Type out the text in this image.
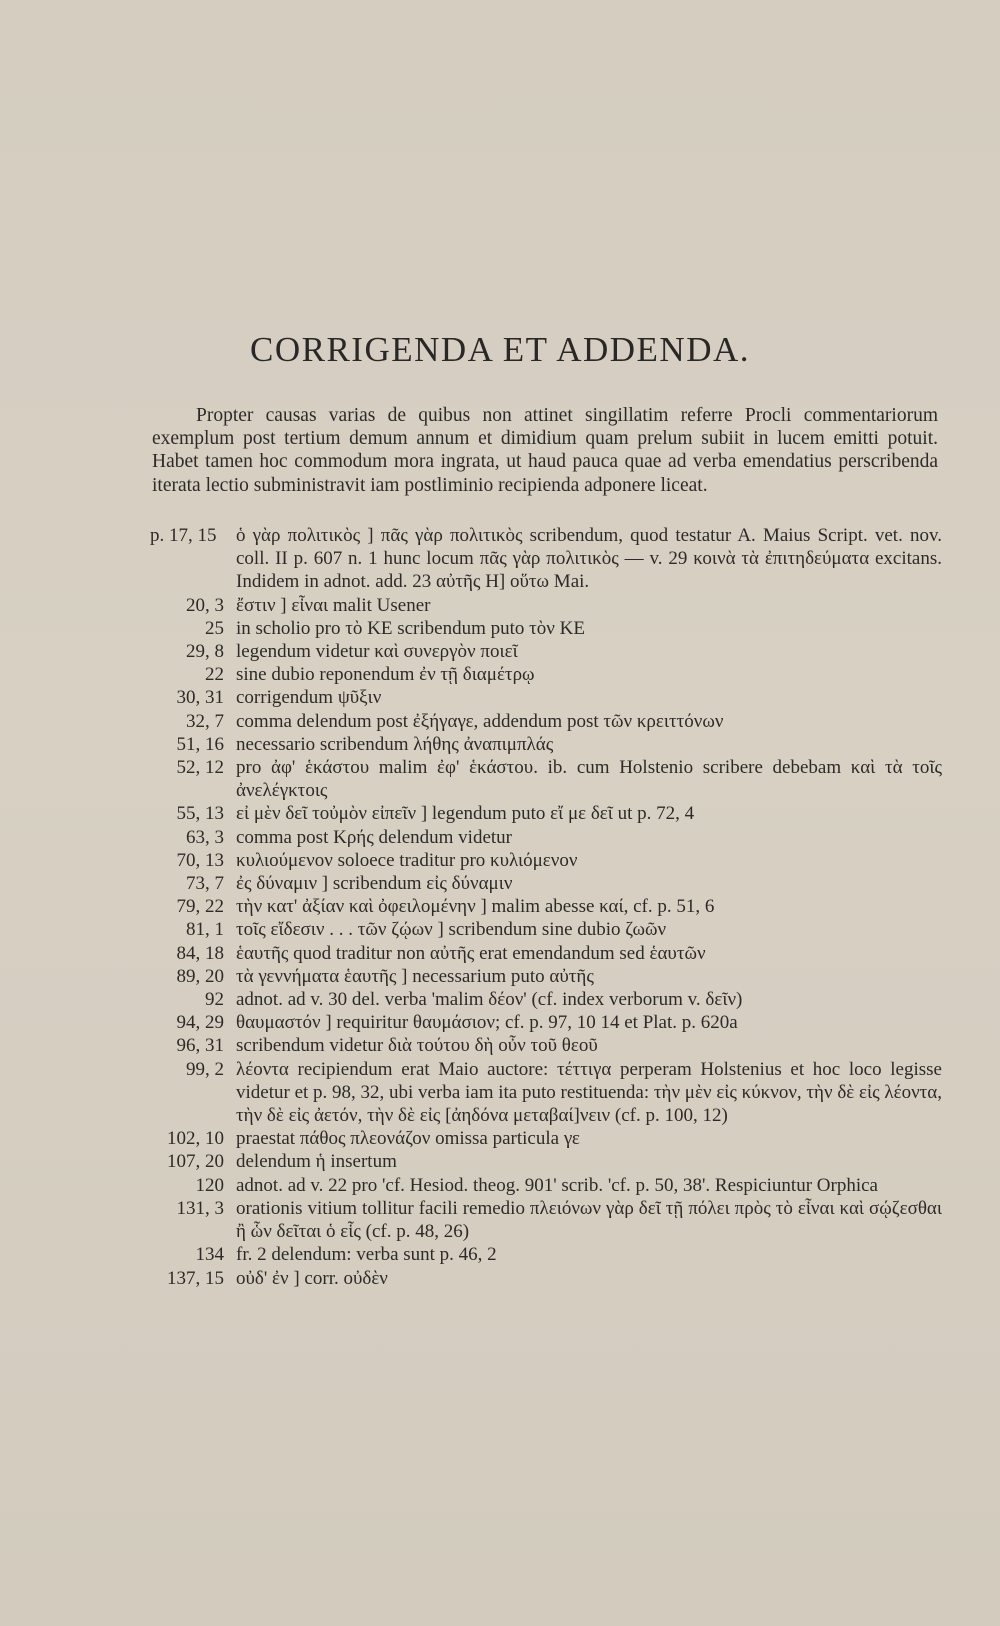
CORRIGENDA ET ADDENDA.
Propter causas varias de quibus non attinet singillatim referre Procli commentariorum exemplum post tertium demum annum et dimidium quam prelum subiit in lucem emitti potuit. Habet tamen hoc commodum mora ingrata, ut haud pauca quae ad verba emendatius perscribenda iterata lectio subministravit iam postliminio recipienda adponere liceat.
p. 17, 15	ὁ γὰρ πολιτικὸς ] πᾶς γὰρ πολιτικὸς scribendum, quod testatur A. Maius Script. vet. nov. coll. II p. 607 n. 1 hunc locum πᾶς γὰρ πολιτικὸς — v. 29 κοινὰ τὰ ἐπιτηδεύματα excitans. Indidem in adnot. add. 23 αὐτῆς H] οὕτω Mai.
20, 3 ἔστιν ] εἶναι malit Usener
25 in scholio pro τὸ KE scribendum puto τὸν KE
29, 8 legendum videtur καὶ συνεργὸν ποιεῖ
22 sine dubio reponendum ἐν τῇ διαμέτρῳ
30, 31 corrigendum ψῦξιν
32, 7 comma delendum post ἐξήγαγε, addendum post τῶν κρειττόνων
51, 16 necessario scribendum λήθης ἀναπιμπλάς
52, 12 pro ἀφ' ἑκάστου malim ἐφ' ἑκάστου. ib. cum Holstenio scribere debebam καὶ τὰ τοῖς ἀνελέγκτοις
55, 13 εἰ μὲν δεῖ τοὐμὸν εἰπεῖν ] legendum puto εἴ με δεῖ ut p. 72, 4
63, 3 comma post Κρής delendum videtur
70, 13 κυλιούμενον soloece traditur pro κυλιόμενον
73, 7 ἐς δύναμιν ] scribendum εἰς δύναμιν
79, 22 τὴν κατ' ἀξίαν καὶ ὀφειλομένην ] malim abesse καί, cf. p. 51, 6
81, 1 τοῖς εἴδεσιν . . . τῶν ζῴων ] scribendum sine dubio ζωῶν
84, 18 ἑαυτῆς quod traditur non αὐτῆς erat emendandum sed ἑαυτῶν
89, 20 τὰ γεννήματα ἑαυτῆς ] necessarium puto αὐτῆς
92 adnot. ad v. 30 del. verba 'malim δέον' (cf. index verborum v. δεῖν)
94, 29 θαυμαστόν ] requiritur θαυμάσιον; cf. p. 97, 10 14 et Plat. p. 620a
96, 31 scribendum videtur διὰ τούτου δὴ οὖν τοῦ θεοῦ
99, 2 λέοντα recipiendum erat Maio auctore: τέττιγα perperam Holstenius et hoc loco legisse videtur et p. 98, 32, ubi verba iam ita puto restituenda: τὴν μὲν εἰς κύκνον, τὴν δὲ εἰς λέοντα, τὴν δὲ εἰς ἀετόν, τὴν δὲ εἰς [ἀηδόνα μεταβαί]νειν (cf. p. 100, 12)
102, 10 praestat πάθος πλεονάζον omissa particula γε
107, 20 delendum ἡ insertum
120 adnot. ad v. 22 pro 'cf. Hesiod. theog. 901' scrib. 'cf. p. 50, 38'. Respiciuntur Orphica
131, 3 orationis vitium tollitur facili remedio πλειόνων γὰρ δεῖ τῇ πόλει πρὸς τὸ εἶναι καὶ σῴζεσθαι ἢ ὧν δεῖται ὁ εἷς (cf. p. 48, 26)
134 fr. 2 delendum: verba sunt p. 46, 2
137, 15 οὐδ' ἐν ] corr. οὐδὲν
